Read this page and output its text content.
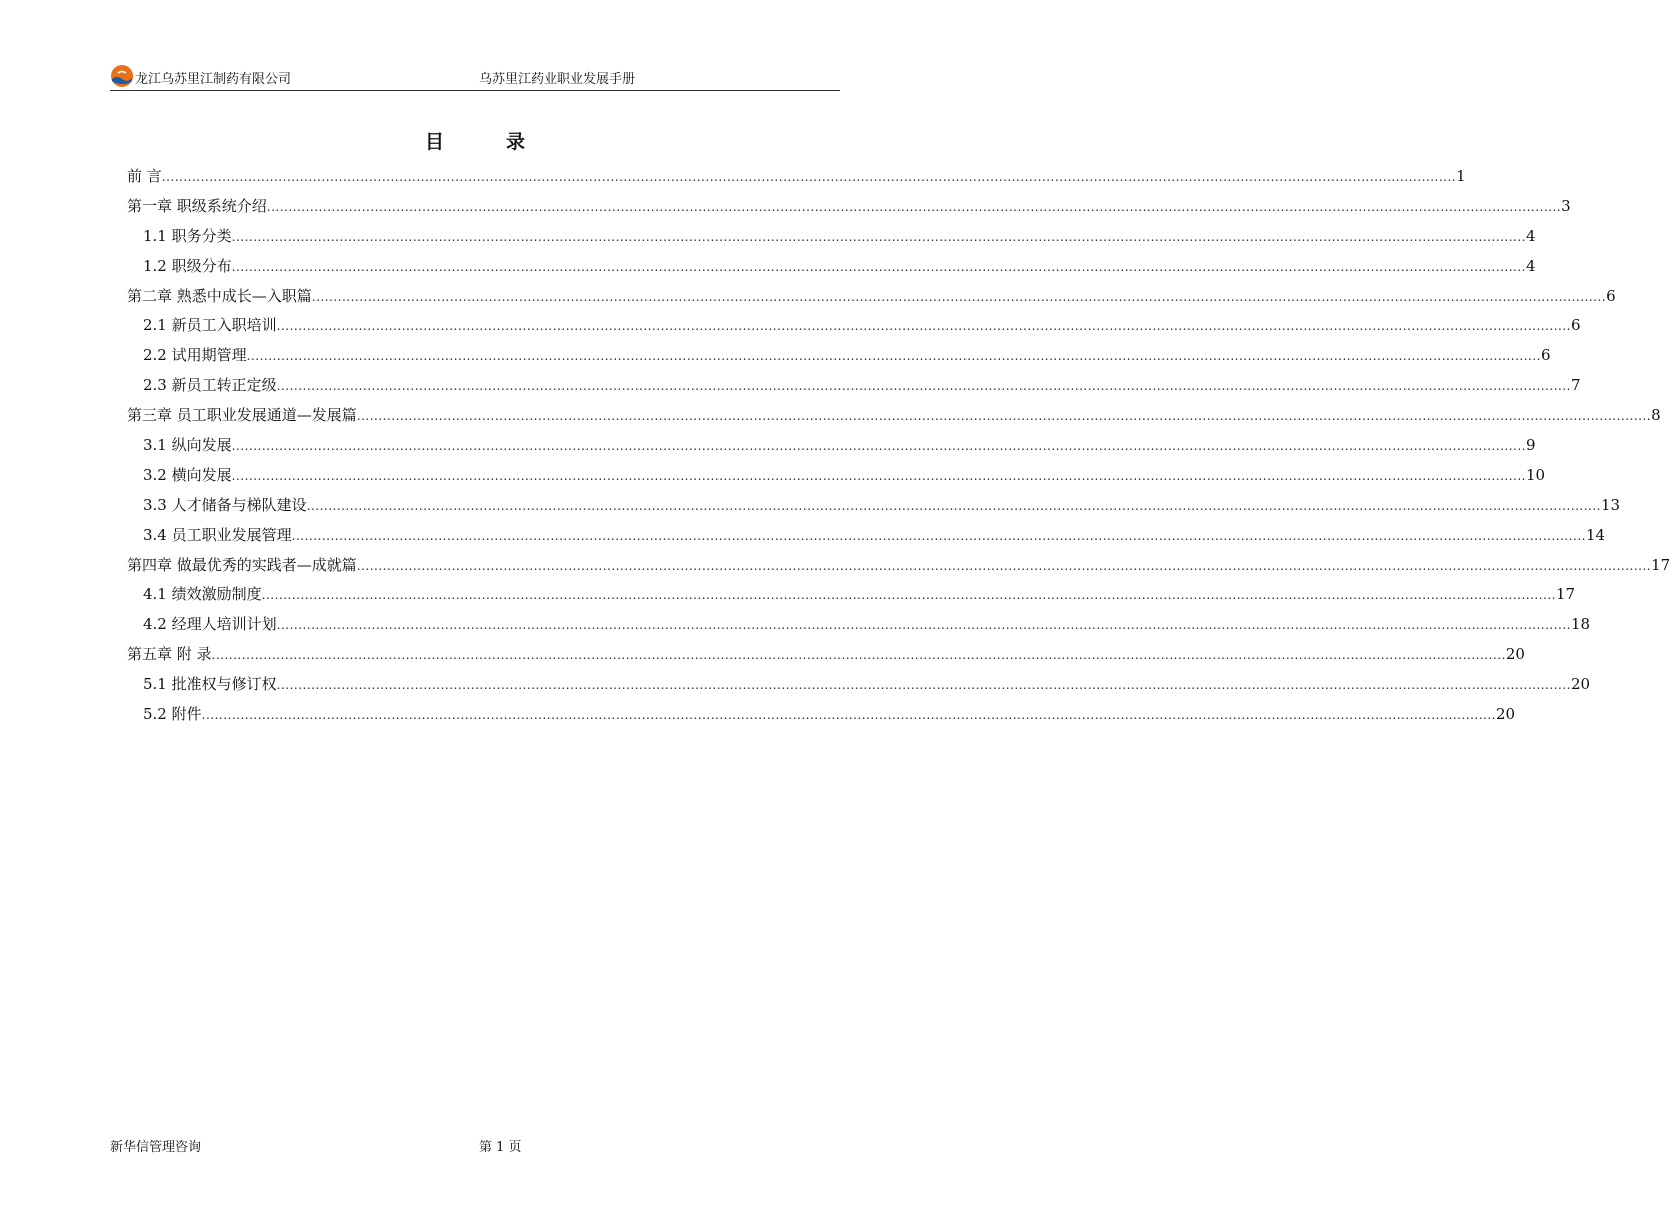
龙江乌苏里江制药有限公司	乌苏里江药业职业发展手册
目录
前 言 ............................................................................................................................................................................................................................................................................................................ 1
第一章 职级系统介绍 ............................................................................................................................................................................................................................................................................................................ 3
1.1 职务分类 ............................................................................................................................................................................................................................................................................................................ 4
1.2 职级分布 ............................................................................................................................................................................................................................................................................................................ 4
第二章 熟悉中成长—入职篇 ............................................................................................................................................................................................................................................................................................................ 6
2.1 新员工入职培训 ............................................................................................................................................................................................................................................................................................................ 6
2.2 试用期管理 ............................................................................................................................................................................................................................................................................................................ 6
2.3 新员工转正定级 ............................................................................................................................................................................................................................................................................................................ 7
第三章 员工职业发展通道—发展篇 ............................................................................................................................................................................................................................................................................................................ 8
3.1 纵向发展 ............................................................................................................................................................................................................................................................................................................ 9
3.2 横向发展 ............................................................................................................................................................................................................................................................................................................ 10
3.3 人才储备与梯队建设 ............................................................................................................................................................................................................................................................................................................ 13
3.4 员工职业发展管理 ............................................................................................................................................................................................................................................................................................................ 14
第四章 做最优秀的实践者—成就篇 ............................................................................................................................................................................................................................................................................................................ 17
4.1 绩效激励制度 ............................................................................................................................................................................................................................................................................................................ 17
4.2 经理人培训计划 ............................................................................................................................................................................................................................................................................................................ 18
第五章 附 录 ............................................................................................................................................................................................................................................................................................................ 20
5.1 批准权与修订权 ............................................................................................................................................................................................................................................................................................................ 20
5.2 附件 ............................................................................................................................................................................................................................................................................................................ 20
新华信管理咨询	第 1 页
